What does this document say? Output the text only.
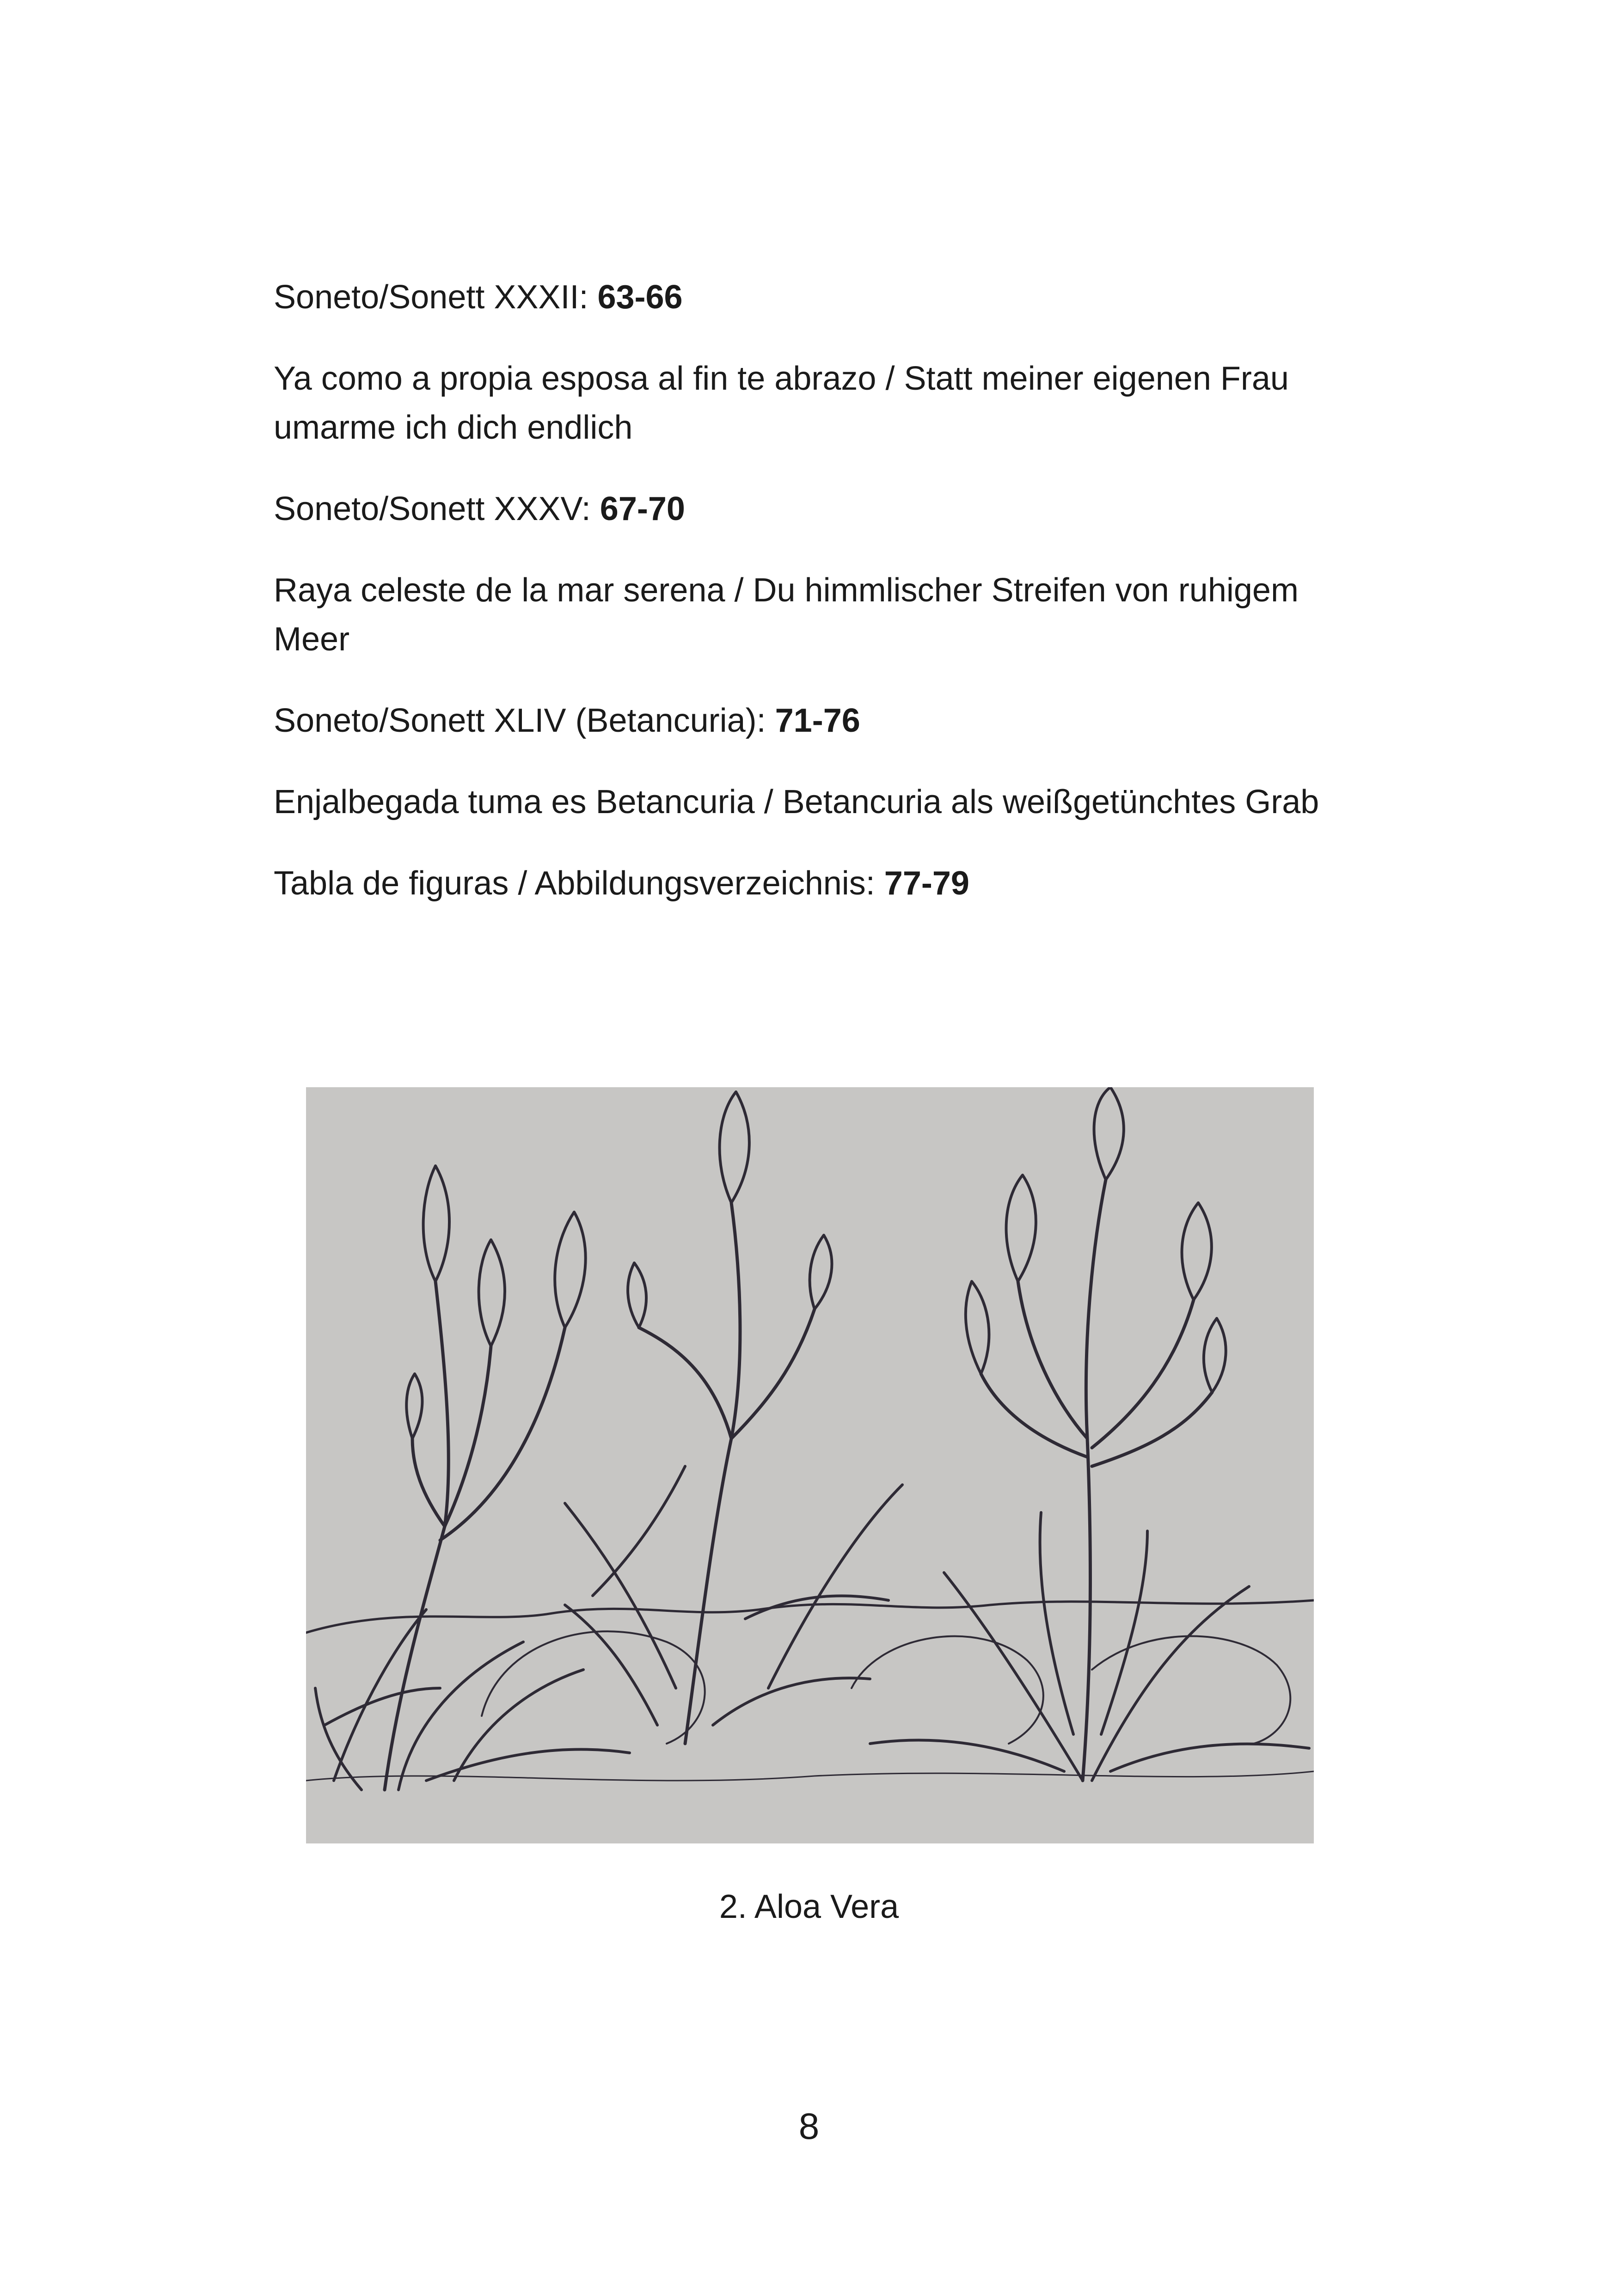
Soneto/Sonett XXXII: 63-66

Ya como a propia esposa al fin te abrazo / Statt meiner eigenen Frau umarme ich dich endlich

Soneto/Sonett XXXV: 67-70

Raya celeste de la mar serena / Du himmlischer Streifen von ruhigem Meer

Soneto/Sonett XLIV (Betancuria): 71-76

Enjalbegada tuma es Betancuria / Betancuria als weißgetünchtes Grab

Tabla de figuras / Abbildungsverzeichnis: 77-79

2. Aloa Vera
8
